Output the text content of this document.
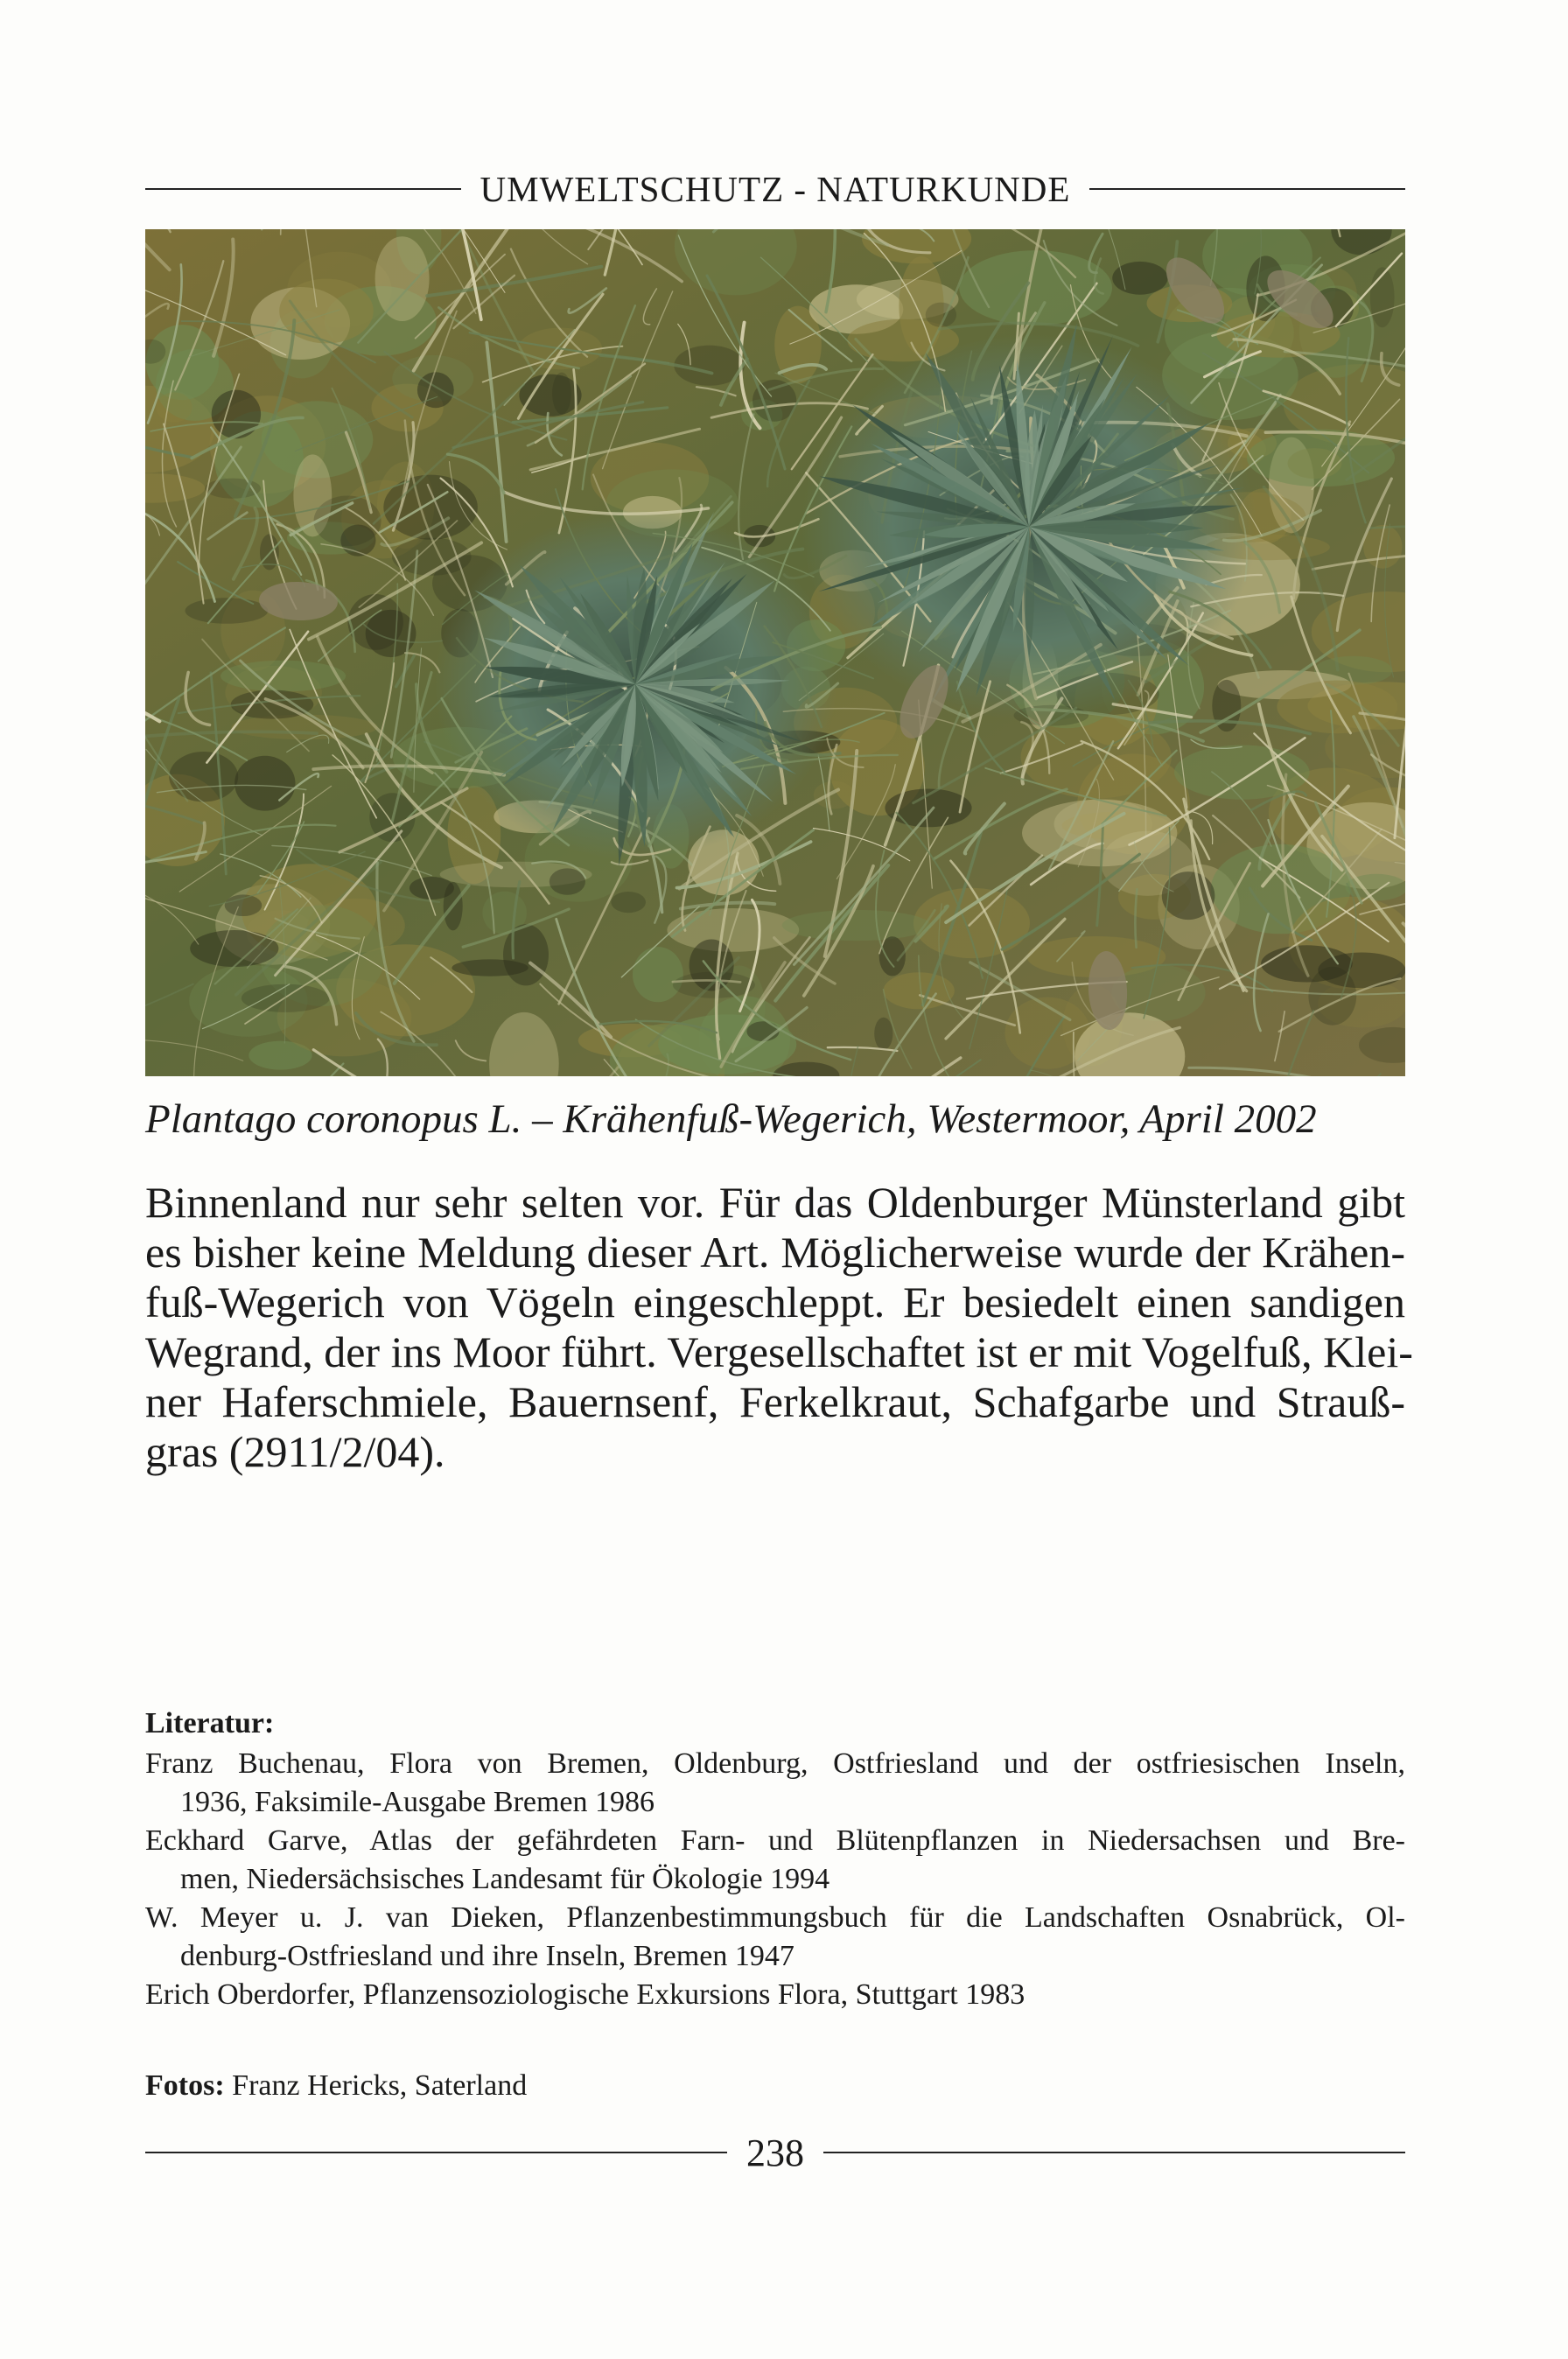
UMWELTSCHUTZ - NATURKUNDE
Plantago coronopus L. – Krähenfuß-Wegerich, Westermoor, April 2002
Binnenland nur sehr selten vor. Für das Oldenburger Münsterland gibt
es bisher keine Meldung dieser Art. Möglicherweise wurde der Krähen-
fuß-Wegerich von Vögeln eingeschleppt. Er besiedelt einen sandigen
Wegrand, der ins Moor führt. Vergesellschaftet ist er mit Vogelfuß, Klei-
ner Haferschmiele, Bauernsenf, Ferkelkraut, Schafgarbe und Strauß-
gras (2911/2/04).
Literatur:
Franz Buchenau, Flora von Bremen, Oldenburg, Ostfriesland und der ostfriesischen Inseln,
1936, Faksimile-Ausgabe Bremen 1986
Eckhard Garve, Atlas der gefährdeten Farn- und Blütenpflanzen in Niedersachsen und Bre-
men, Niedersächsisches Landesamt für Ökologie 1994
W. Meyer u. J. van Dieken, Pflanzenbestimmungsbuch für die Landschaften Osnabrück, Ol-
denburg-Ostfriesland und ihre Inseln, Bremen 1947
Erich Oberdorfer, Pflanzensoziologische Exkursions Flora, Stuttgart 1983
Fotos: Franz Hericks, Saterland
238
